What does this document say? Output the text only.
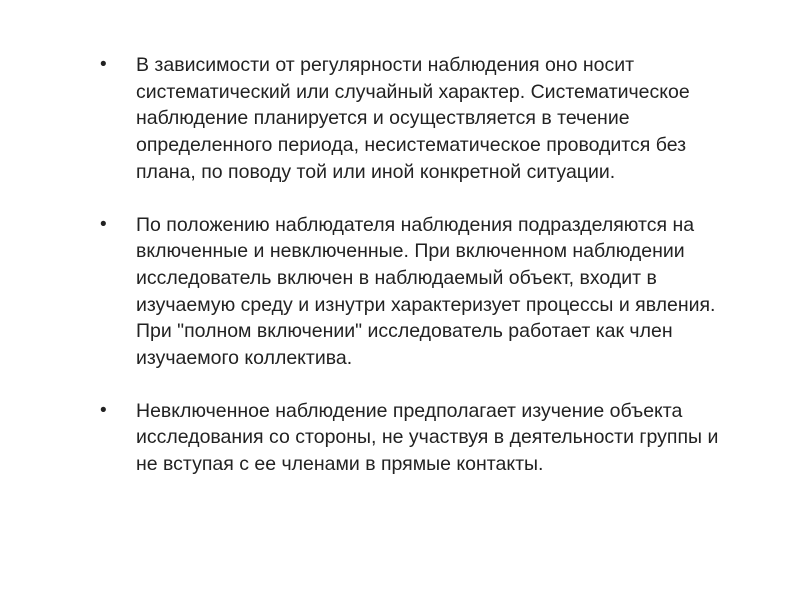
•	В зависимости от регулярности наблюдения оно носит систематический или случайный характер. Систематическое наблюдение планируется и осуществляется в течение определенного периода, несистематическое проводится без плана, по поводу той или иной конкретной ситуации.
•	По положению наблюдателя наблюдения подразделяются на включенные и невключенные. При включенном наблюдении исследователь включен в наблюдаемый объект, входит в изучаемую среду и изнутри характеризует процессы и явления. При "полном включении" исследователь работает как член изучаемого коллектива.
•	Невключенное наблюдение предполагает изучение объекта исследования со стороны, не участвуя в деятельности группы и не вступая с ее членами в прямые контакты.
